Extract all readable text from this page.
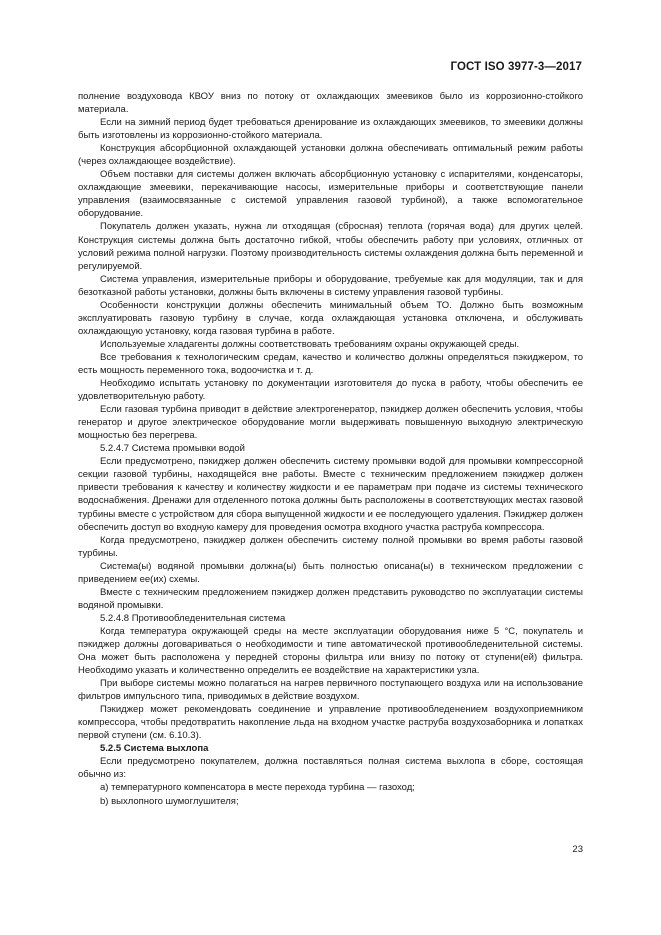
ГОСТ ISO 3977-3—2017

полнение воздуховода КВОУ вниз по потоку от охлаждающих змеевиков было из коррозионно-стойкого материала.

Если на зимний период будет требоваться дренирование из охлаждающих змеевиков, то змеевики должны быть изготовлены из коррозионно-стойкого материала.

Конструкция абсорбционной охлаждающей установки должна обеспечивать оптимальный режим работы (через охлаждающее воздействие).

Объем поставки для системы должен включать абсорбционную установку с испарителями, конденсаторы, охлаждающие змеевики, перекачивающие насосы, измерительные приборы и соответствующие панели управления (взаимосвязанные с системой управления газовой турбиной), а также вспомогательное оборудование.

Покупатель должен указать, нужна ли отходящая (сбросная) теплота (горячая вода) для других целей. Конструкция системы должна быть достаточно гибкой, чтобы обеспечить работу при условиях, отличных от условий режима полной нагрузки. Поэтому производительность системы охлаждения должна быть переменной и регулируемой.

Система управления, измерительные приборы и оборудование, требуемые как для модуляции, так и для безотказной работы установки, должны быть включены в систему управления газовой турбины.

Особенности конструкции должны обеспечить минимальный объем ТО. Должно быть возможным эксплуатировать газовую турбину в случае, когда охлаждающая установка отключена, и обслуживать охлаждающую установку, когда газовая турбина в работе.

Используемые хладагенты должны соответствовать требованиям охраны окружающей среды.

Все требования к технологическим средам, качество и количество должны определяться пэкиджером, то есть мощность переменного тока, водоочистка и т. д.

Необходимо испытать установку по документации изготовителя до пуска в работу, чтобы обеспечить ее удовлетворительную работу.

Если газовая турбина приводит в действие электрогенератор, пэкиджер должен обеспечить условия, чтобы генератор и другое электрическое оборудование могли выдерживать повышенную выходную электрическую мощностью без перегрева.

5.2.4.7 Система промывки водой

Если предусмотрено, пэкиджер должен обеспечить систему промывки водой для промывки компрессорной секции газовой турбины, находящейся вне работы. Вместе с техническим предложением пэкиджер должен привести требования к качеству и количеству жидкости и ее параметрам при подаче из системы технического водоснабжения. Дренажи для отделенного потока должны быть расположены в соответствующих местах газовой турбины вместе с устройством для сбора выпущенной жидкости и ее последующего удаления. Пэкиджер должен обеспечить доступ во входную камеру для проведения осмотра входного участка раструба компрессора.

Когда предусмотрено, пэкиджер должен обеспечить систему полной промывки во время работы газовой турбины.

Система(ы) водяной промывки должна(ы) быть полностью описана(ы) в техническом предложении с приведением ее(их) схемы.

Вместе с техническим предложением пэкиджер должен представить руководство по эксплуатации системы водяной промывки.

5.2.4.8 Противообледенительная система

Когда температура окружающей среды на месте эксплуатации оборудования ниже 5 °С, покупатель и пэкиджер должны договариваться о необходимости и типе автоматической противообледенительной системы. Она может быть расположена у передней стороны фильтра или внизу по потоку от ступени(ей) фильтра. Необходимо указать и количественно определить ее воздействие на характеристики узла.

При выборе системы можно полагаться на нагрев первичного поступающего воздуха или на использование фильтров импульсного типа, приводимых в действие воздухом.

Пэкиджер может рекомендовать соединение и управление противообледенением воздухоприемником компрессора, чтобы предотвратить накопление льда на входном участке раструба воздухозаборника и лопатках первой ступени (см. 6.10.3).

5.2.5 Система выхлопа

Если предусмотрено покупателем, должна поставляться полная система выхлопа в сборе, состоящая обычно из:

a) температурного компенсатора в месте перехода турбина — газоход;

b) выхлопного шумоглушителя;

23
